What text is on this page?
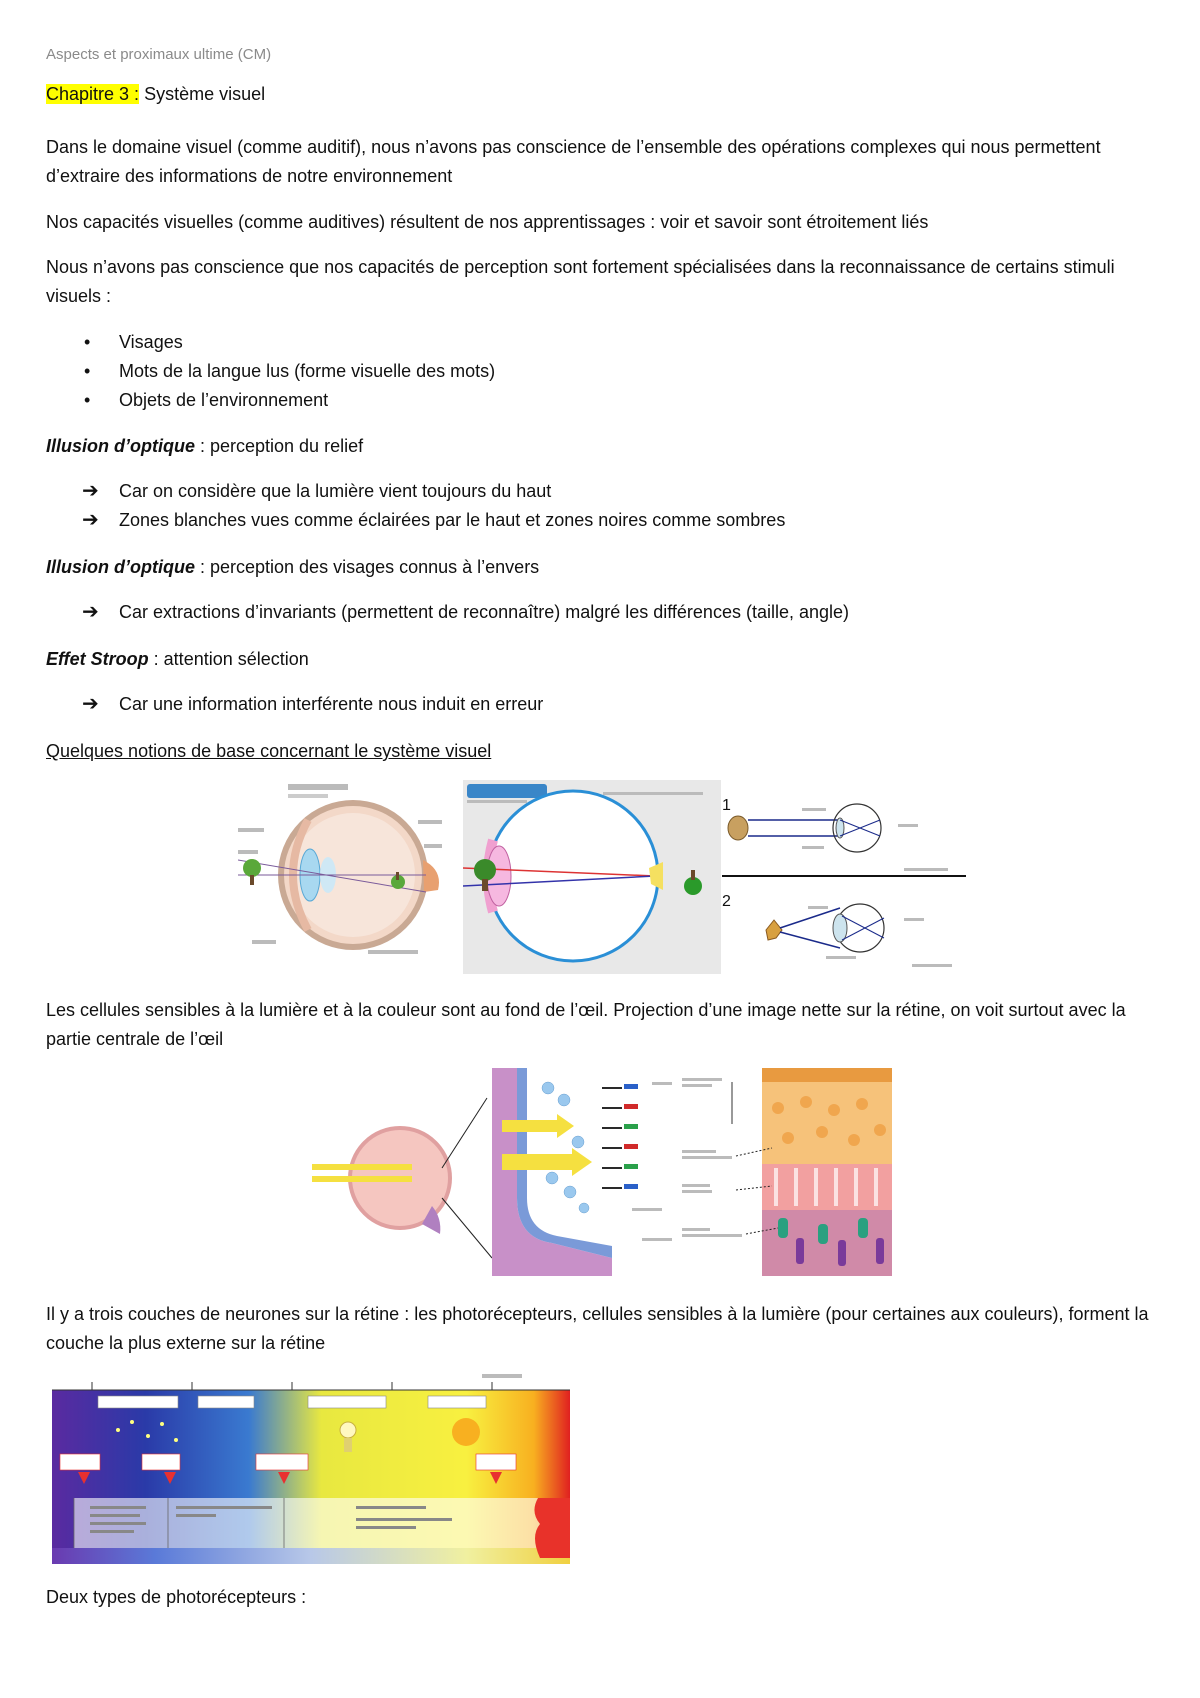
Aspects et proximaux ultime (CM)
Chapitre 3 : Système visuel
Dans le domaine visuel (comme auditif), nous n’avons pas conscience de l’ensemble des opérations complexes qui nous permettent d’extraire des informations de notre environnement
Nos capacités visuelles (comme auditives) résultent de nos apprentissages : voir et savoir sont étroitement liés
Nous n’avons pas conscience que nos capacités de perception sont fortement spécialisées dans la reconnaissance de certains stimuli visuels :
• Visages
• Mots de la langue lus (forme visuelle des mots)
• Objets de l’environnement
Illusion d’optique : perception du relief
➔ Car on considère que la lumière vient toujours du haut
➔ Zones blanches vues comme éclairées par le haut et zones noires comme sombres
Illusion d’optique : perception des visages connus à l’envers
➔ Car extractions d’invariants (permettent de reconnaître) malgré les différences (taille, angle)
Effet Stroop : attention sélection
➔ Car une information interférente nous induit en erreur
Quelques notions de base concernant le système visuel
1
2
Les cellules sensibles à la lumière et à la couleur sont au fond de l’œil. Projection d’une image nette sur la rétine, on voit surtout avec la partie centrale de l’œil
Il y a trois couches de neurones sur la rétine : les photorécepteurs, cellules sensibles à la lumière (pour certaines aux couleurs), forment la couche la plus externe sur la rétine
Deux types de photorécepteurs :
